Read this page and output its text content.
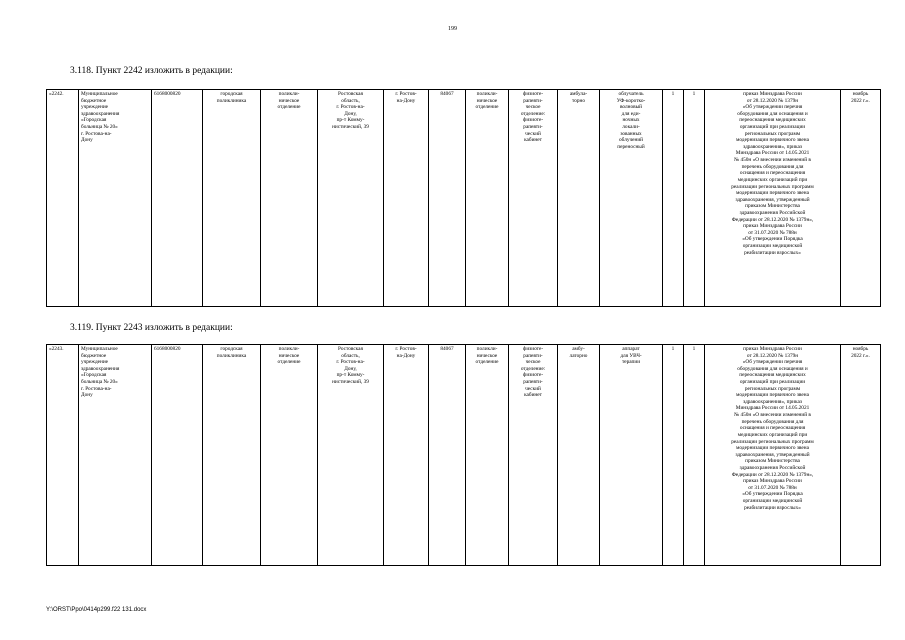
199
3.118. Пункт 2242 изложить в редакции:
«2242.	Муниципальное
бюджетное
учреждение
здравоохранения
«Городская
больница № 20»
г. Ростова-на-
Дону	6168000820	городская
поликлиника	поликли-
ническое
отделение	Ростовская
область,
г. Ростов-на-
Дону,
пр-т Комму-
нистический, 39	г. Ростов-
на-Дону	84067	поликли-
ническое
отделение	физиоте-
рапевти-
ческое
отделение:
физиоте-
рапевти-
ческий
кабинет	амбула-
торно	облучатель
УФ-коротко-
волновый
для еди-
ночных
локали-
зованных
облучений
переносный	1	1	приказ Минздрава России
от 28.12.2020 № 1379н
«Об утверждении перечня
оборудования для оснащения и
переоснащения медицинских
организаций при реализации
региональных программ
модернизации первичного звена
здравоохранения», приказ
Минздрава России от 14.05.2021
№ 450н «О внесении изменений в
перечень оборудования для
оснащения и переоснащения
медицинских организаций при
реализации региональных программ
модернизации первичного звена
здравоохранения, утвержденный
приказом Министерства
здравоохранения Российской
Федерации от 28.12.2020 № 1379н»,
приказ Минздрава России
от 31.07.2020 № 788н
«Об утверждении Порядка
организации медицинской
реабилитации взрослых»	ноябрь
2022 г.».
3.119. Пункт 2243 изложить в редакции:
«2243.	Муниципальное
бюджетное
учреждение
здравоохранения
«Городская
больница № 20»
г. Ростова-на-
Дону	6168000820	городская
поликлиника	поликли-
ническое
отделение	Ростовская
область,
г. Ростов-на-
Дону,
пр-т Комму-
нистический, 39	г. Ростов-
на-Дону	84067	поликли-
ническое
отделение	физиоте-
рапевти-
ческое
отделение:
физиоте-
рапевти-
ческий
кабинет	амбу-
латорно	аппарат
для УВЧ-
терапии	1	1	приказ Минздрава России
от 28.12.2020 № 1379н
«Об утверждении перечня
оборудования для оснащения и
переоснащения медицинских
организаций при реализации
региональных программ
модернизации первичного звена
здравоохранения», приказ
Минздрава России от 14.05.2021
№ 450н «О внесении изменений в
перечень оборудования для
оснащения и переоснащения
медицинских организаций при
реализации региональных программ
модернизации первичного звена
здравоохранения, утвержденный
приказом Министерства
здравоохранения Российской
Федерации от 28.12.2020 № 1379н»,
приказ Минздрава России
от 31.07.2020 № 788н
«Об утверждении Порядка
организации медицинской
реабилитации взрослых»	ноябрь
2022 г.».
Y:\ORST\Ppo\0414p299.f22 131.docx
